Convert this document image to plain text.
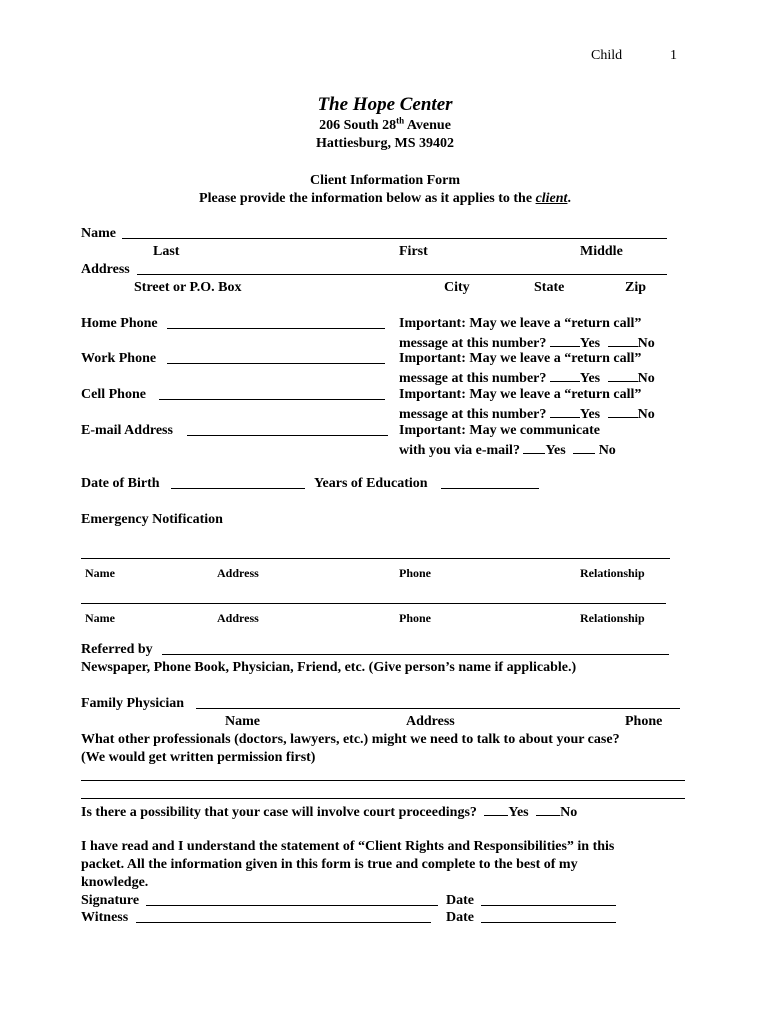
Child	1
The Hope Center
206 South 28th Avenue
Hattiesburg, MS 39402
Client Information Form
Please provide the information below as it applies to the client.
Name
Last	First	Middle
Address
Street or P.O. Box	City	State	Zip
Home Phone	Important: May we leave a “return call”
message at this number? Yes	No
Work Phone	Important: May we leave a “return call”
message at this number? Yes	No
Cell Phone	Important: May we leave a “return call”
message at this number? Yes	No
E-mail Address	Important: May we communicate
with you via e-mail? Yes  No
Date of Birth	Years of Education
Emergency Notification
Name	Address	Phone	Relationship
Name	Address	Phone	Relationship
Referred by
Newspaper, Phone Book, Physician, Friend, etc. (Give person’s name if applicable.)
Family Physician
Name	Address	Phone
What other professionals (doctors, lawyers, etc.) might we need to talk to about your case?
(We would get written permission first)
Is there a possibility that your case will involve court proceedings? Yes No
I have read and I understand the statement of “Client Rights and Responsibilities” in this
packet. All the information given in this form is true and complete to the best of my
knowledge.
Signature	Date
Witness	Date
